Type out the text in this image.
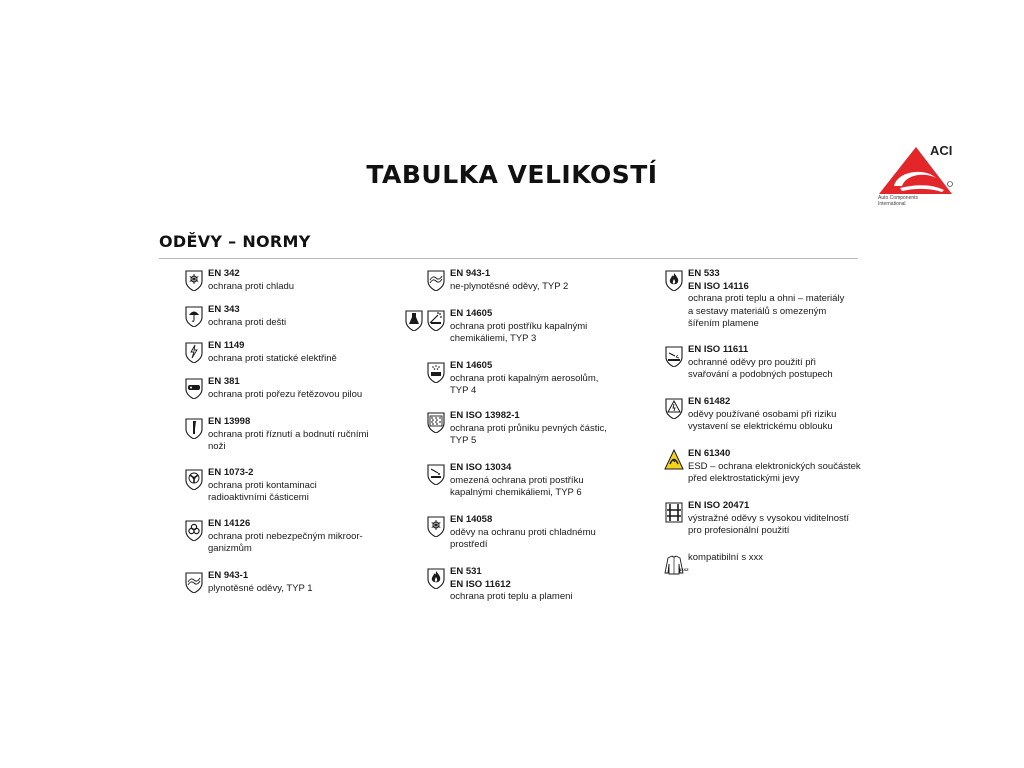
TABULKA VELIKOSTÍ
ACI
Auto Components
International
ODĚVY – NORMY
EN 342
ochrana proti chladu
EN 343
ochrana proti dešti
EN 1149
ochrana proti statické elektřině
EN 381
ochrana proti pořezu řetězovou pilou
EN 13998
ochrana proti říznutí a bodnutí ručními
noži
EN 1073-2
ochrana proti kontaminaci
radioaktivními částicemi
EN 14126
ochrana proti nebezpečným mikroor-
ganizmům
EN 943-1
plynotěsné oděvy, TYP 1
EN 943-1
ne-plynotěsné oděvy, TYP 2
EN 14605
ochrana proti postříku kapalnými
chemikáliemi, TYP 3
EN 14605
ochrana proti kapalným aerosolům,
TYP 4
EN ISO 13982-1
ochrana proti průniku pevných částic,
TYP 5
EN ISO 13034
omezená ochrana proti postříku
kapalnými chemikáliemi, TYP 6
EN 14058
oděvy na ochranu proti chladnému
prostředí
EN 531
EN ISO 11612
ochrana proti teplu a plameni
EN 533
EN ISO 14116
ochrana proti teplu a ohni – materiály
a sestavy materiálů s omezeným
šířením plamene
EN ISO 11611
ochranné oděvy pro použití při
svařování a podobných postupech
EN 61482
oděvy používané osobami při riziku
vystavení se elektrickému oblouku
EN 61340
ESD – ochrana elektronických součástek
před elektrostatickými jevy
EN ISO 20471
výstražné oděvy s vysokou viditelností
pro profesionální použití
44XZ
kompatibilní s xxx
